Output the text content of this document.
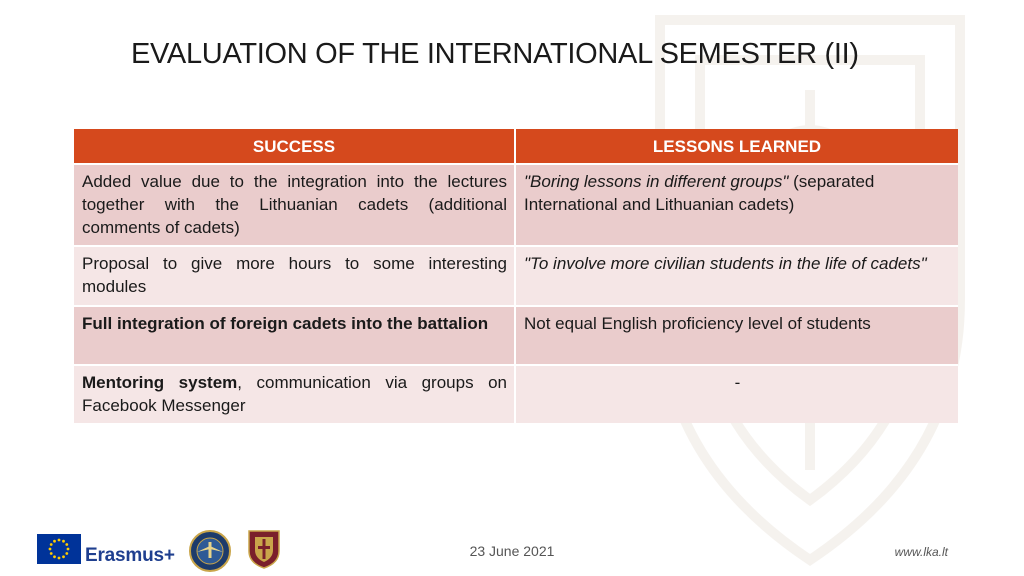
EVALUATION OF THE INTERNATIONAL SEMESTER (II)
SUCCESS	LESSONS LEARNED
Added value due to the integration into the lectures together with the Lithuanian cadets (additional comments of cadets)	"Boring lessons in different groups" (separated International and Lithuanian cadets)
Proposal to give more hours to some interesting modules	"To involve more civilian students in the life of cadets"
Full integration of foreign cadets into the battalion	Not equal English proficiency level of students
Mentoring system, communication via groups on Facebook Messenger	-
Erasmus+	23 June 2021	www.lka.lt
